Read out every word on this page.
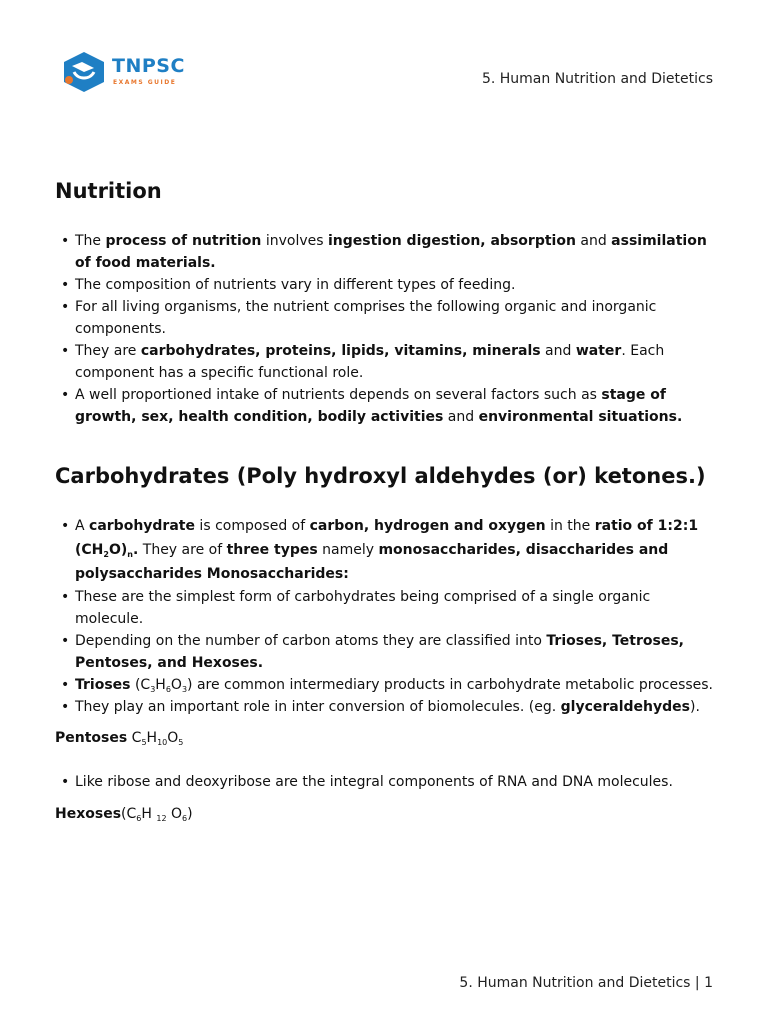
TNPSC
EXAMS GUIDE	5. Human Nutrition and Dietetics
Nutrition
• The process of nutrition involves ingestion digestion, absorption and assimilation of food materials.
• The composition of nutrients vary in different types of feeding.
• For all living organisms, the nutrient comprises the following organic and inorganic components.
• They are carbohydrates, proteins, lipids, vitamins, minerals and water. Each component has a specific functional role.
• A well proportioned intake of nutrients depends on several factors such as stage of growth, sex, health condition, bodily activities and environmental situations.
Carbohydrates (Poly hydroxyl aldehydes (or) ketones.)
• A carbohydrate is composed of carbon, hydrogen and oxygen in the ratio of 1:2:1 $(CH_2O)_n$. They are of three types namely monosaccharides, disaccharides and polysaccharides Monosaccharides:
• These are the simplest form of carbohydrates being comprised of a single organic molecule.
• Depending on the number of carbon atoms they are classified into Trioses, Tetroses, Pentoses, and Hexoses.
• Trioses $(C_3H_6O_3)$ are common intermediary products in carbohydrate metabolic processes.
• They play an important role in inter conversion of biomolecules. (eg. glyceraldehydes).

Pentoses $C_5H_{10}O_5$

• Like ribose and deoxyribose are the integral components of RNA and DNA molecules.

$Hexoses(C_6H$ $_{12}$ $O_6$)

5. Human Nutrition and Dietetics | 1
